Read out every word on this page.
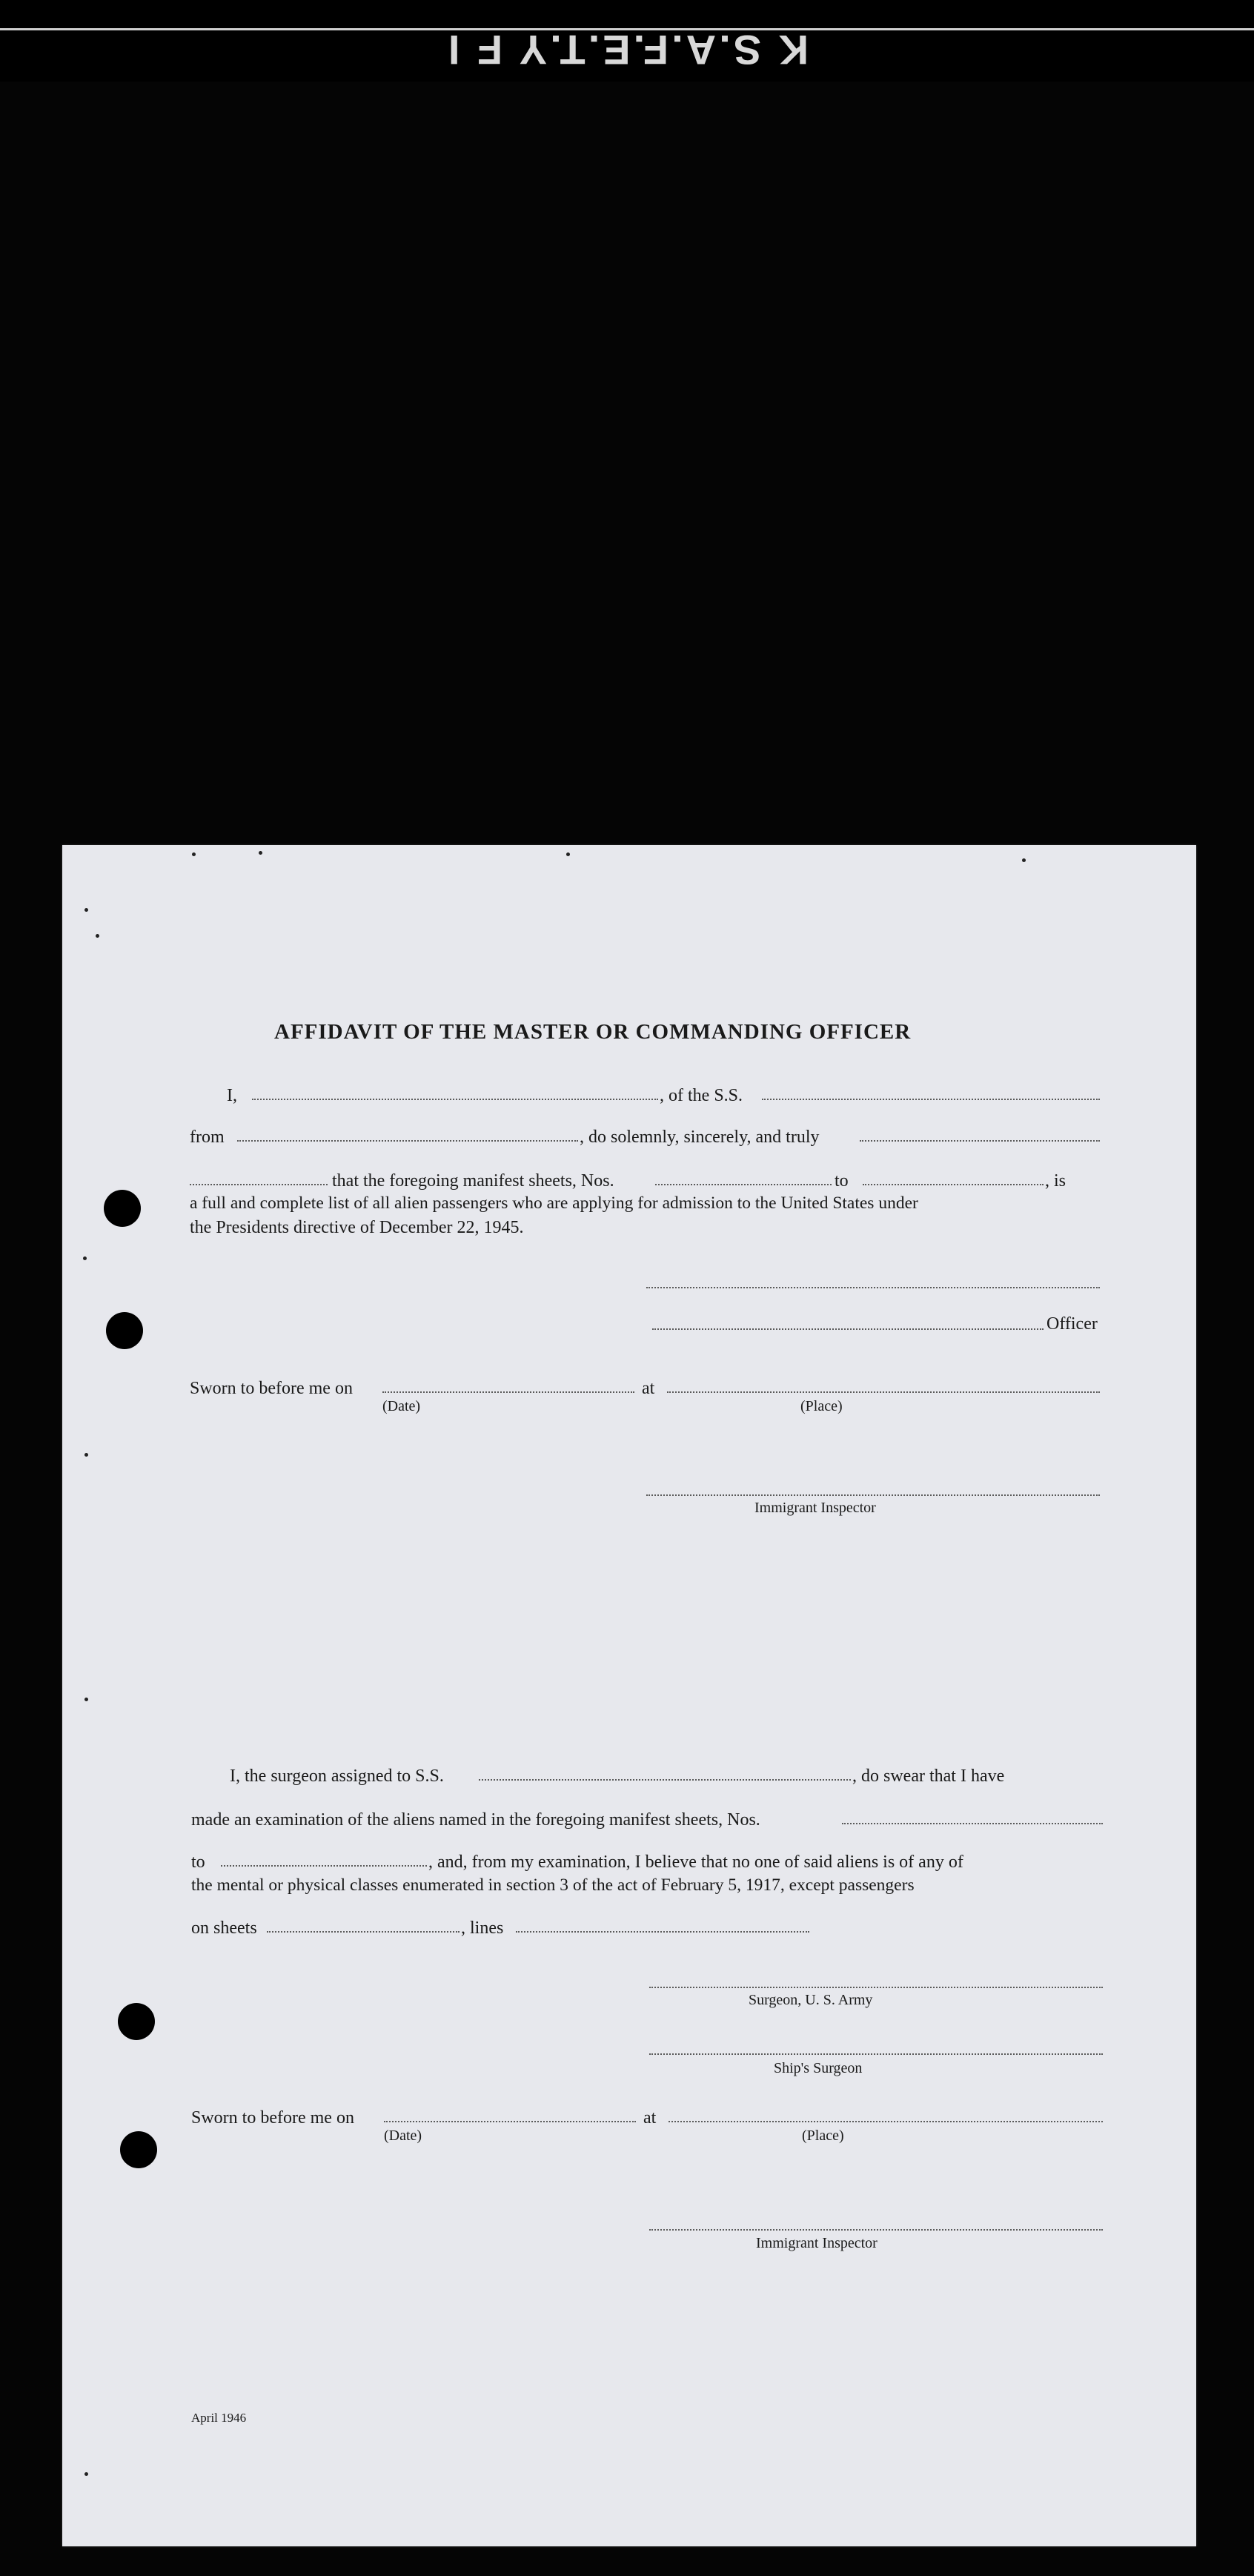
K S.A.F.E.T.Y F I
AFFIDAVIT OF THE MASTER OR COMMANDING OFFICER
I,	, of the S.S.
from	, do solemnly, sincerely, and truly
that the foregoing manifest sheets, Nos.	to	, is
a full and complete list of all alien passengers who are applying for admission to the United States under
the Presidents directive of December 22, 1945.
Officer
Sworn to before me on
(Date)
at
(Place)
Immigrant Inspector
I, the surgeon assigned to S.S.	, do swear that I have
made an examination of the aliens named in the foregoing manifest sheets, Nos.
to	, and, from my examination, I believe that no one of said aliens is of any of
the mental or physical classes enumerated in section 3 of the act of February 5, 1917, except passengers
on sheets	, lines
Surgeon, U. S. Army
Ship's Surgeon
Sworn to before me on
(Date)
at
(Place)
Immigrant Inspector
April 1946
